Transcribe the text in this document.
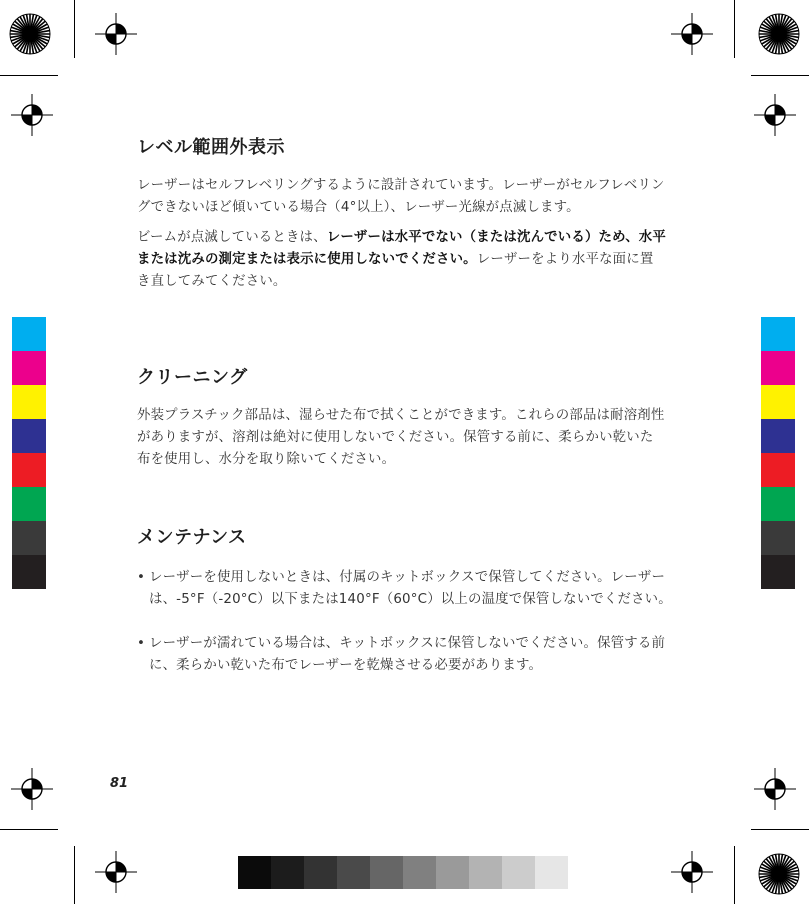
レベル範囲外表示

レーザーはセルフレベリングするように設計されています。レーザーがセルフレベリングできないほど傾いている場合（4°以上）、レーザー光線が点滅します。

ビームが点滅しているときは、レーザーは水平でない（または沈んでいる）ため、水平または沈みの測定または表示に使用しないでください。レーザーをより水平な面に置き直してみてください。

クリーニング

外装プラスチック部品は、湿らせた布で拭くことができます。これらの部品は耐溶剤性がありますが、溶剤は絶対に使用しないでください。保管する前に、柔らかい乾いた布を使用し、水分を取り除いてください。

メンテナンス
• レーザーを使用しないときは、付属のキットボックスで保管してください。レーザーは、-5°F（-20°C）以下または140°F（60°C）以上の温度で保管しないでください。
• レーザーが濡れている場合は、キットボックスに保管しないでください。保管する前に、柔らかい乾いた布でレーザーを乾燥させる必要があります。
81
